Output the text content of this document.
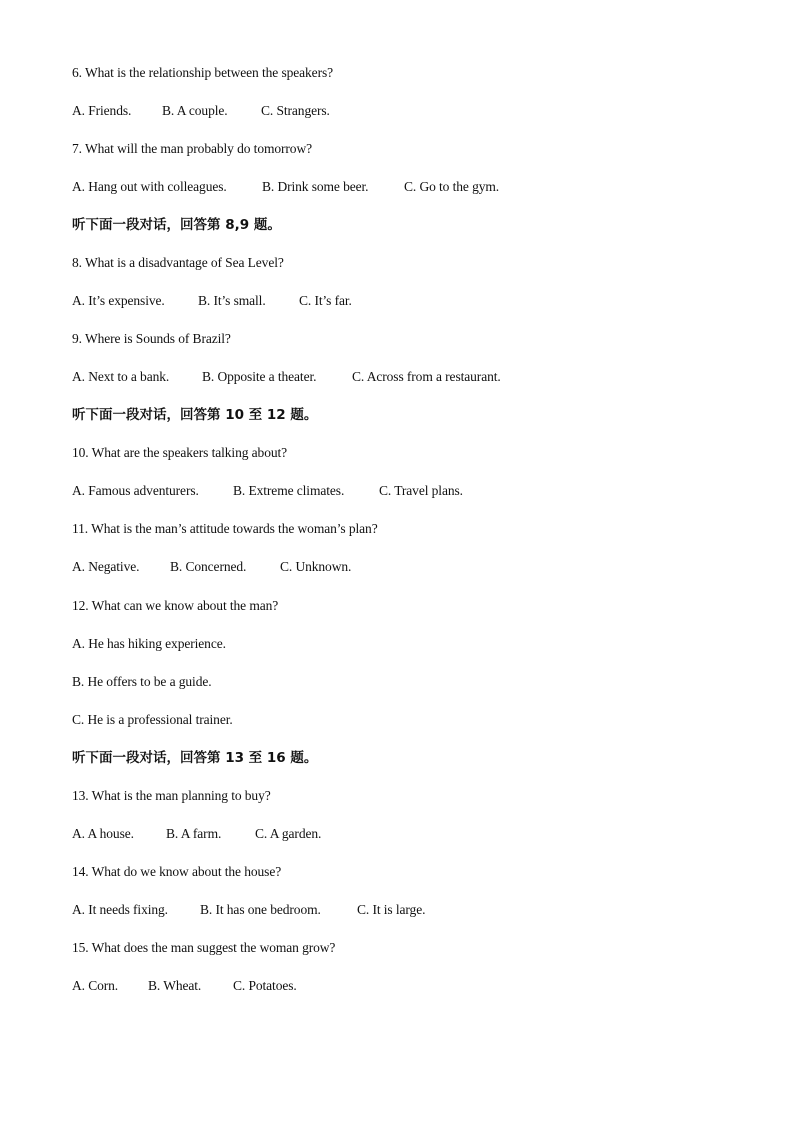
6. What is the relationship between the speakers?
A. Friends. B. A couple. C. Strangers.
7. What will the man probably do tomorrow?
A. Hang out with colleagues.	B. Drink some beer.	C. Go to the gym.
听下面一段对话，回答第 8,9 题。
8. What is a disadvantage of Sea Level?
A. It’s expensive. B. It’s small. C. It’s far.
9. Where is Sounds of Brazil?
A. Next to a bank. B. Opposite a theater.	C. Across from a restaurant.
听下面一段对话，回答第 10 至 12 题。
10. What are the speakers talking about?
A. Famous adventurers.	B. Extreme climates.	C. Travel plans.
11. What is the man’s attitude towards the woman’s plan?
A. Negative. B. Concerned. C. Unknown.
12. What can we know about the man?
A. He has hiking experience.
B. He offers to be a guide.
C. He is a professional trainer.
听下面一段对话，回答第 13 至 16 题。
13. What is the man planning to buy?
A. A house. B. A farm.	C. A garden.
14. What do we know about the house?
A. It needs fixing. B. It has one bedroom.	C. It is large.
15. What does the man suggest the woman grow?
A. Corn. B. Wheat. C. Potatoes.
